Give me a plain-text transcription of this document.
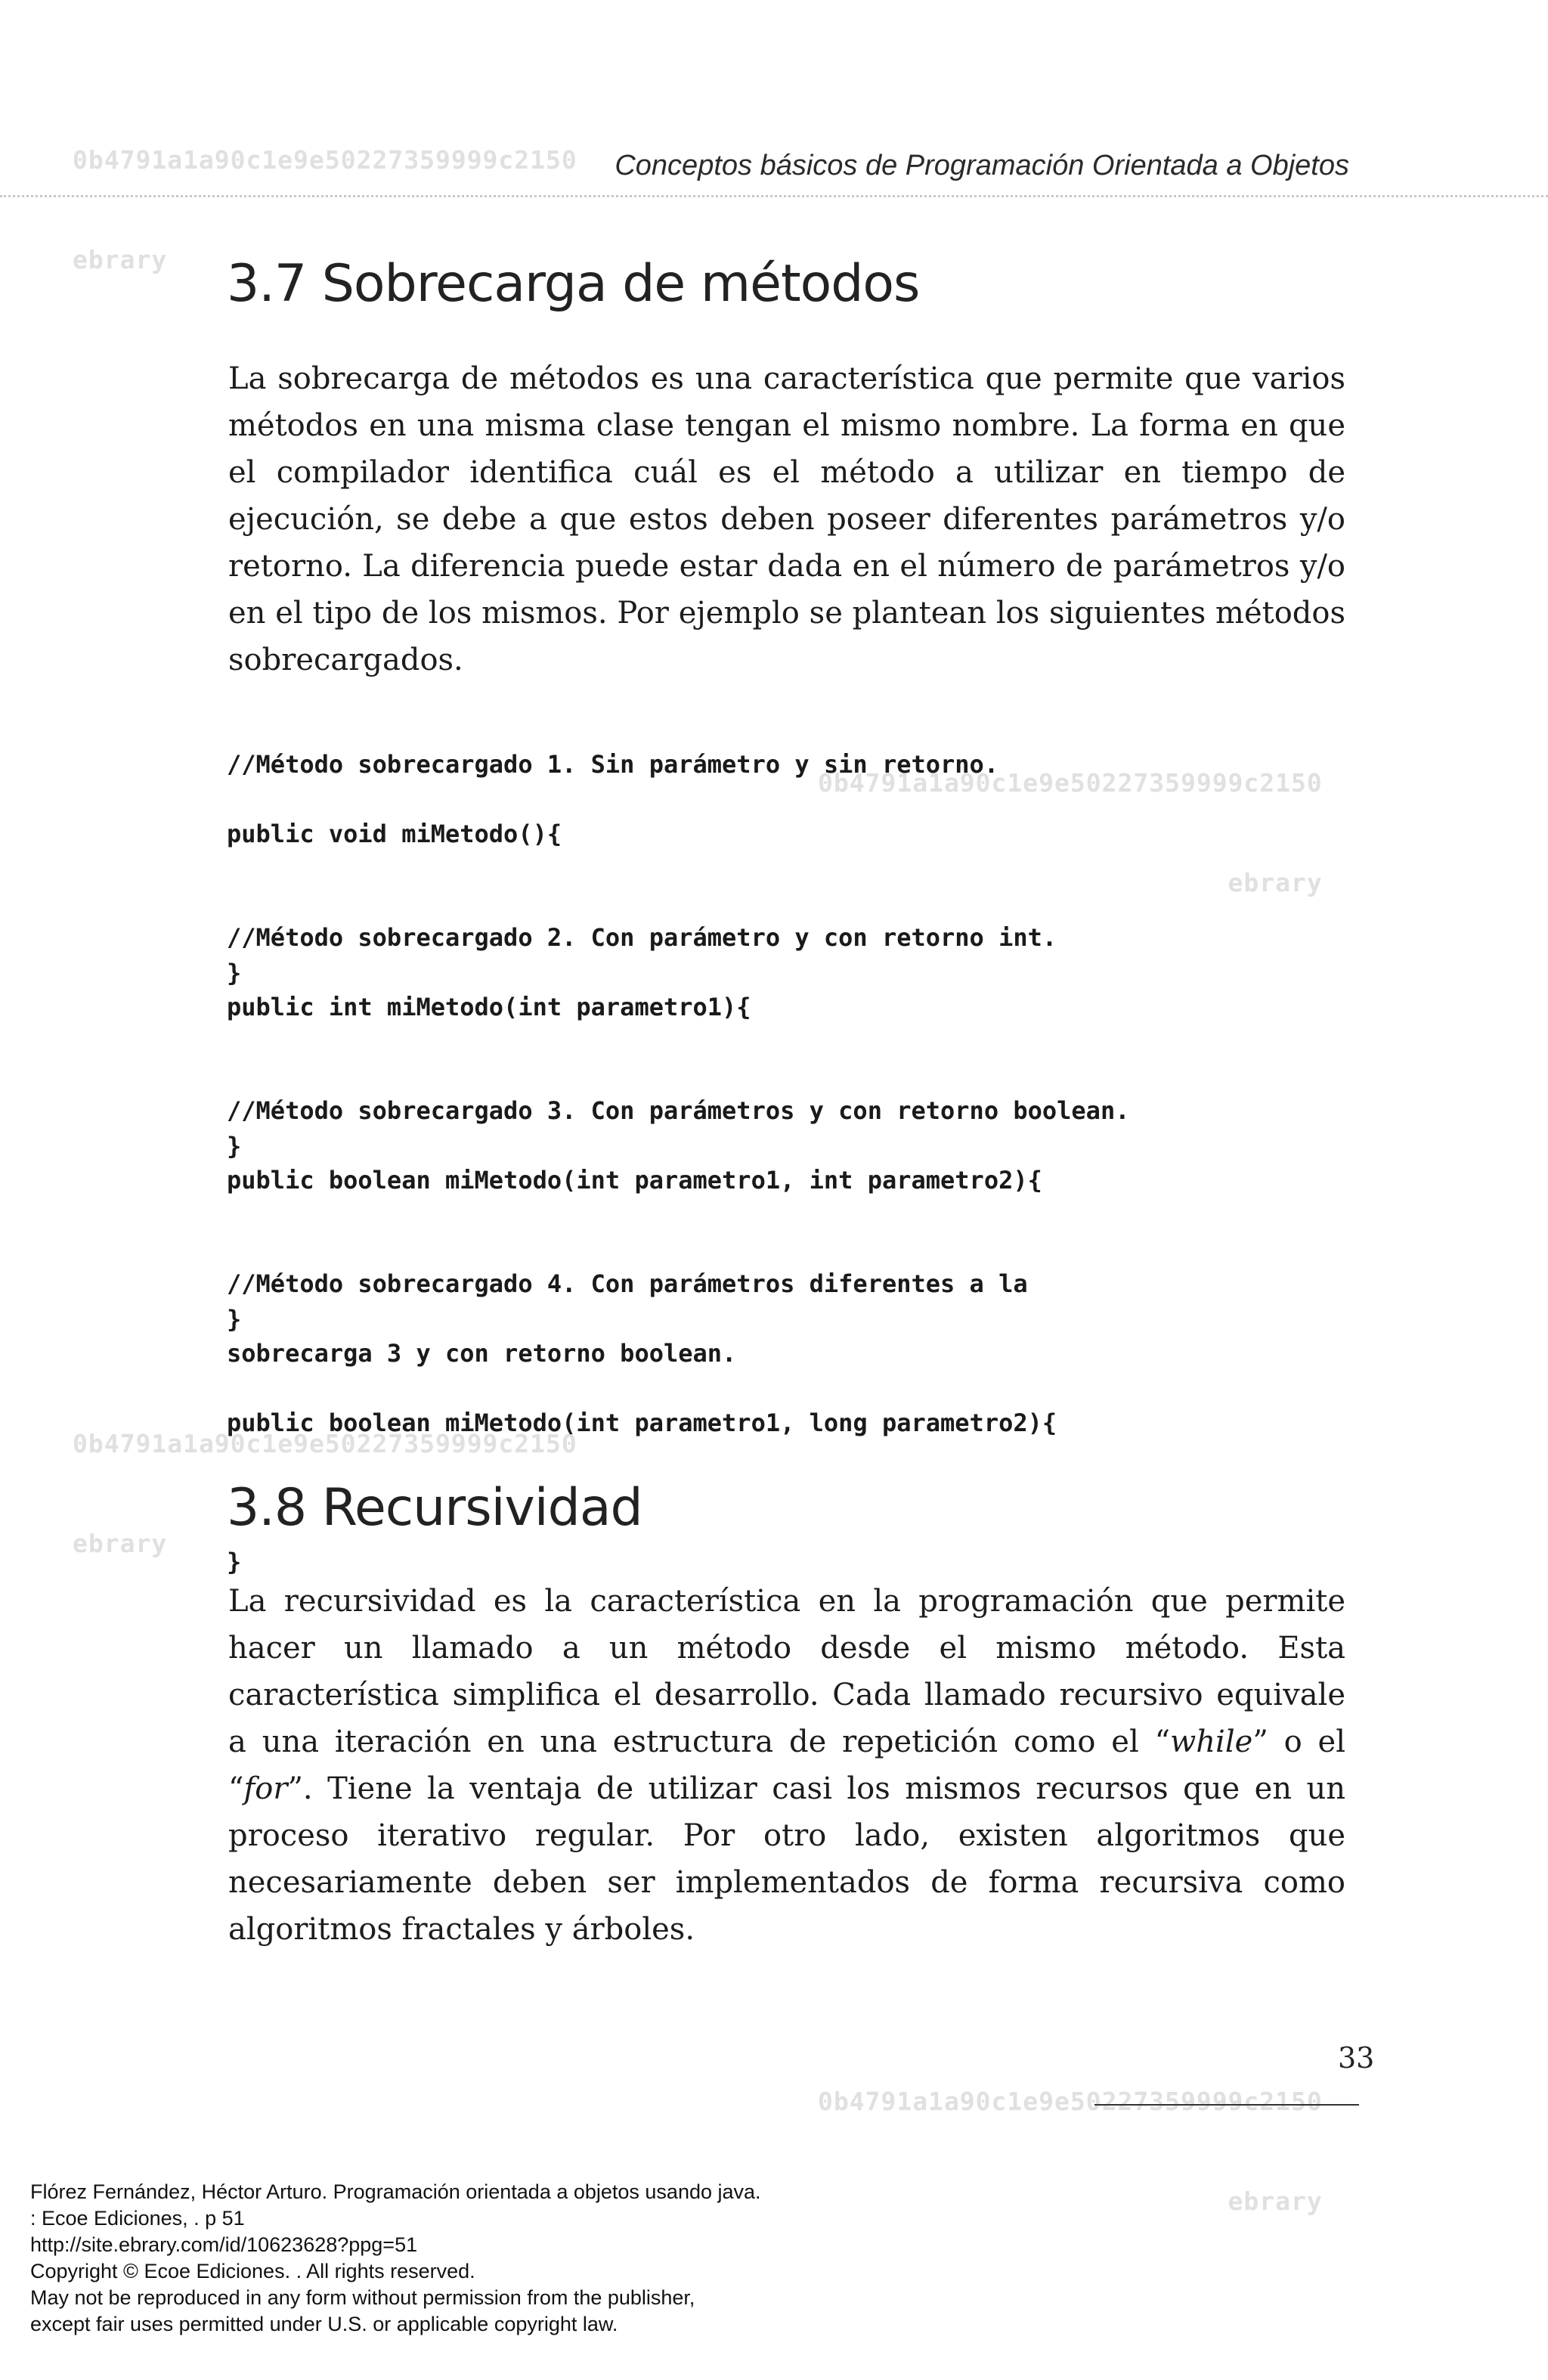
0b4791a1a90c1e9e50227359999c2150

ebrary

0b4791a1a90c1e9e50227359999c2150

ebrary

0b4791a1a90c1e9e50227359999c2150

ebrary

0b4791a1a90c1e9e50227359999c2150

ebrary

Conceptos básicos de Programación Orientada a Objetos
3.7 Sobrecarga de métodos
La sobrecarga de métodos es una característica que permite que varios métodos en una misma clase tengan el mismo nombre. La forma en que el compilador identifica cuál es el método a utilizar en tiempo de ejecución, se debe a que estos deben poseer diferentes parámetros y/o retorno. La diferencia puede estar dada en el número de parámetros y/o en el tipo de los mismos. Por ejemplo se plantean los siguientes métodos sobrecargados.

//Método sobrecargado 1. Sin parámetro y sin retorno.

public void miMetodo(){

}

//Método sobrecargado 2. Con parámetro y con retorno int.

public int miMetodo(int parametro1){

}

//Método sobrecargado 3. Con parámetros y con retorno boolean.

public boolean miMetodo(int parametro1, int parametro2){

}

//Método sobrecargado 4. Con parámetros diferentes a la

sobrecarga 3 y con retorno boolean.

public boolean miMetodo(int parametro1, long parametro2){

}

3.8 Recursividad
La recursividad es la característica en la programación que permite hacer un llamado a un método desde el mismo método. Esta característica simplifica el desarrollo. Cada llamado recursivo equivale a una iteración en una estructura de repetición como el “while” o el “for”. Tiene la ventaja de utilizar casi los mismos recursos que en un proceso iterativo regular. Por otro lado, existen algoritmos que necesariamente deben ser implementados de forma recursiva como algoritmos fractales y árboles.
33
Flórez Fernández, Héctor Arturo. Programación orientada a objetos usando java.
: Ecoe Ediciones, . p 51
http://site.ebrary.com/id/10623628?ppg=51
Copyright © Ecoe Ediciones. . All rights reserved.
May not be reproduced in any form without permission from the publisher,
except fair uses permitted under U.S. or applicable copyright law.
